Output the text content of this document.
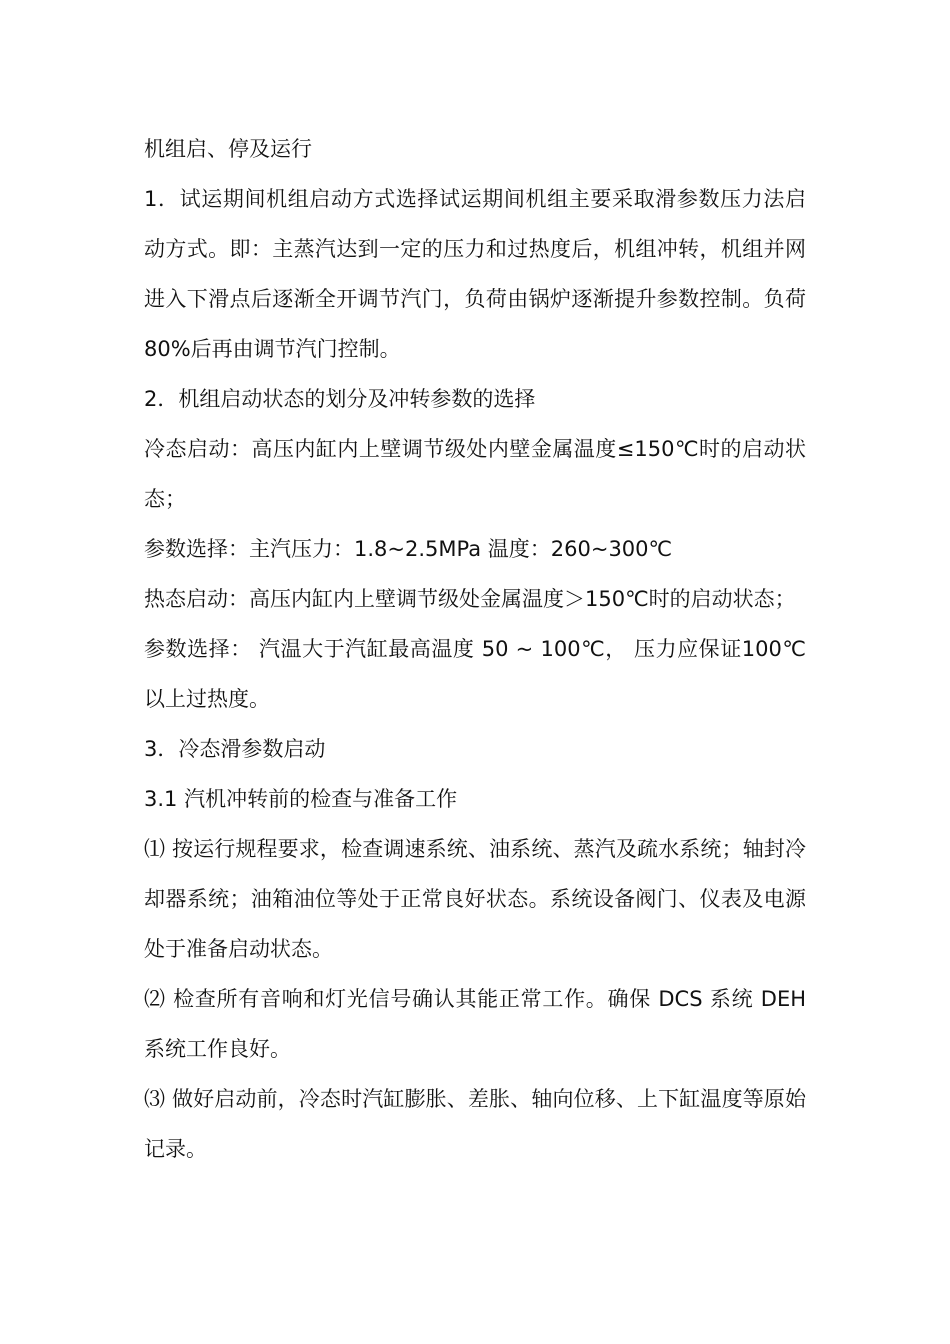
机组启、停及运行

1．试运期间机组启动方式选择试运期间机组主要采取滑参数压力法启动方式。即：主蒸汽达到一定的压力和过热度后，机组冲转，机组并网进入下滑点后逐渐全开调节汽门，负荷由锅炉逐渐提升参数控制。负荷80%后再由调节汽门控制。

2．机组启动状态的划分及冲转参数的选择

冷态启动：高压内缸内上壁调节级处内壁金属温度≤150℃时的启动状态；

参数选择：主汽压力：1.8~2.5MPa 温度：260~300℃

热态启动：高压内缸内上壁调节级处金属温度＞150℃时的启动状态；

参数选择： 汽温大于汽缸最高温度 50 ~ 100℃， 压力应保证100℃以上过热度。

3．冷态滑参数启动

3.1 汽机冲转前的检查与准备工作

⑴ 按运行规程要求，检查调速系统、油系统、蒸汽及疏水系统；轴封冷却器系统；油箱油位等处于正常良好状态。系统设备阀门、仪表及电源处于准备启动状态。

⑵ 检查所有音响和灯光信号确认其能正常工作。确保 DCS 系统 DEH 系统工作良好。

⑶ 做好启动前，冷态时汽缸膨胀、差胀、轴向位移、上下缸温度等原始记录。
